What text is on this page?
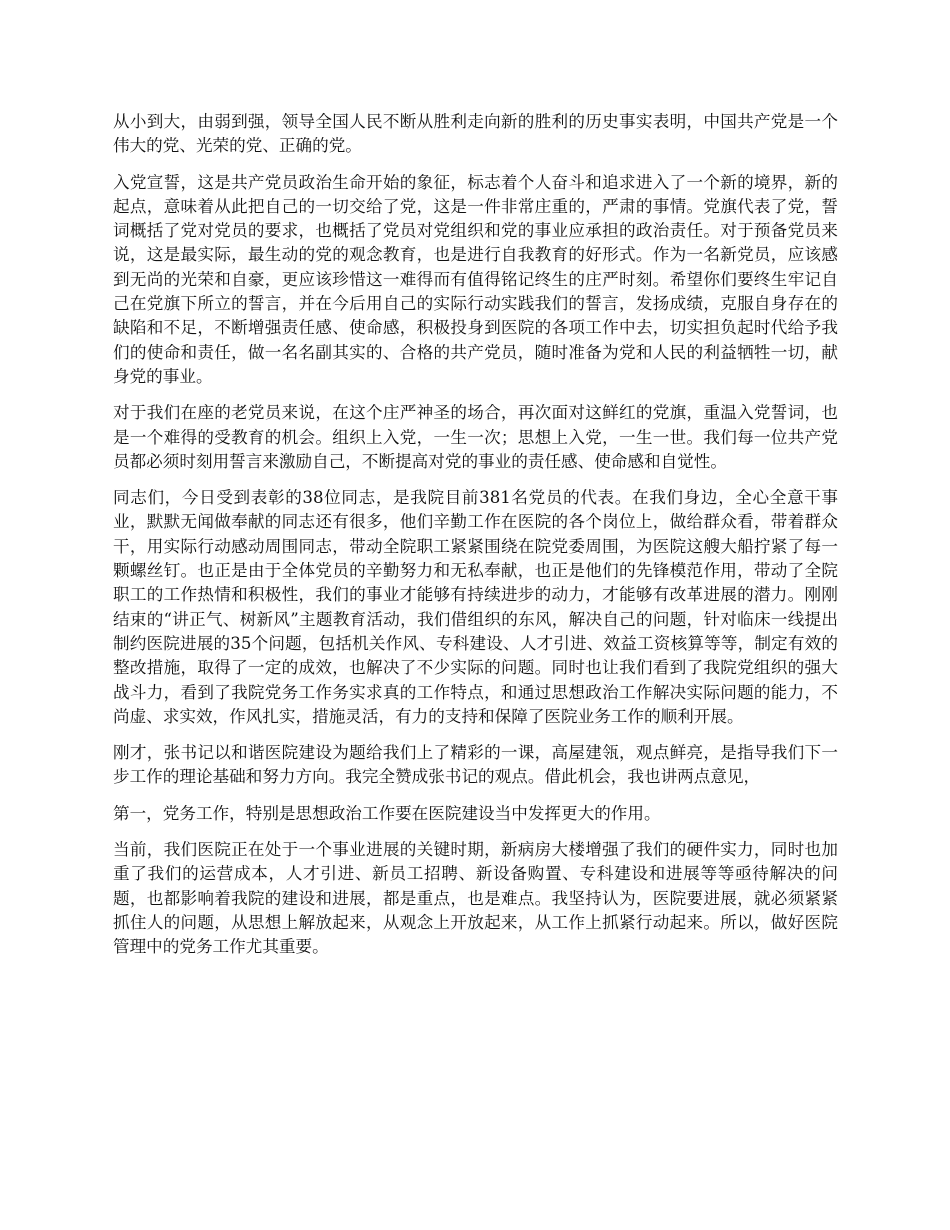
从小到大，由弱到强，领导全国人民不断从胜利走向新的胜利的历史事实表明，中国共产党是一个伟大的党、光荣的党、正确的党。

入党宣誓，这是共产党员政治生命开始的象征，标志着个人奋斗和追求进入了一个新的境界，新的起点，意味着从此把自己的一切交给了党，这是一件非常庄重的，严肃的事情。党旗代表了党，誓词概括了党对党员的要求，也概括了党员对党组织和党的事业应承担的政治责任。对于预备党员来说，这是最实际，最生动的党的观念教育，也是进行自我教育的好形式。作为一名新党员，应该感到无尚的光荣和自豪，更应该珍惜这一难得而有值得铭记终生的庄严时刻。希望你们要终生牢记自己在党旗下所立的誓言，并在今后用自己的实际行动实践我们的誓言，发扬成绩，克服自身存在的缺陷和不足，不断增强责任感、使命感，积极投身到医院的各项工作中去，切实担负起时代给予我们的使命和责任，做一名名副其实的、合格的共产党员，随时准备为党和人民的利益牺牲一切，献身党的事业。

对于我们在座的老党员来说，在这个庄严神圣的场合，再次面对这鲜红的党旗，重温入党誓词，也是一个难得的受教育的机会。组织上入党，一生一次；思想上入党，一生一世。我们每一位共产党员都必须时刻用誓言来激励自己，不断提高对党的事业的责任感、使命感和自觉性。

同志们，今日受到表彰的38位同志，是我院目前381名党员的代表。在我们身边，全心全意干事业，默默无闻做奉献的同志还有很多，他们辛勤工作在医院的各个岗位上，做给群众看，带着群众干，用实际行动感动周围同志，带动全院职工紧紧围绕在院党委周围，为医院这艘大船拧紧了每一颗螺丝钉。也正是由于全体党员的辛勤努力和无私奉献，也正是他们的先锋模范作用，带动了全院职工的工作热情和积极性，我们的事业才能够有持续进步的动力，才能够有改革进展的潜力。刚刚结束的“讲正气、树新风”主题教育活动，我们借组织的东风，解决自己的问题，针对临床一线提出制约医院进展的35个问题，包括机关作风、专科建设、人才引进、效益工资核算等等，制定有效的整改措施，取得了一定的成效，也解决了不少实际的问题。同时也让我们看到了我院党组织的强大战斗力，看到了我院党务工作务实求真的工作特点，和通过思想政治工作解决实际问题的能力，不尚虚、求实效，作风扎实，措施灵活，有力的支持和保障了医院业务工作的顺利开展。

刚才，张书记以和谐医院建设为题给我们上了精彩的一课，高屋建瓴，观点鲜亮，是指导我们下一步工作的理论基础和努力方向。我完全赞成张书记的观点。借此机会，我也讲两点意见，

第一，党务工作，特别是思想政治工作要在医院建设当中发挥更大的作用。

当前，我们医院正在处于一个事业进展的关键时期，新病房大楼增强了我们的硬件实力，同时也加重了我们的运营成本，人才引进、新员工招聘、新设备购置、专科建设和进展等等亟待解决的问题，也都影响着我院的建设和进展，都是重点，也是难点。我坚持认为，医院要进展，就必须紧紧抓住人的问题，从思想上解放起来，从观念上开放起来，从工作上抓紧行动起来。所以，做好医院管理中的党务工作尤其重要。
